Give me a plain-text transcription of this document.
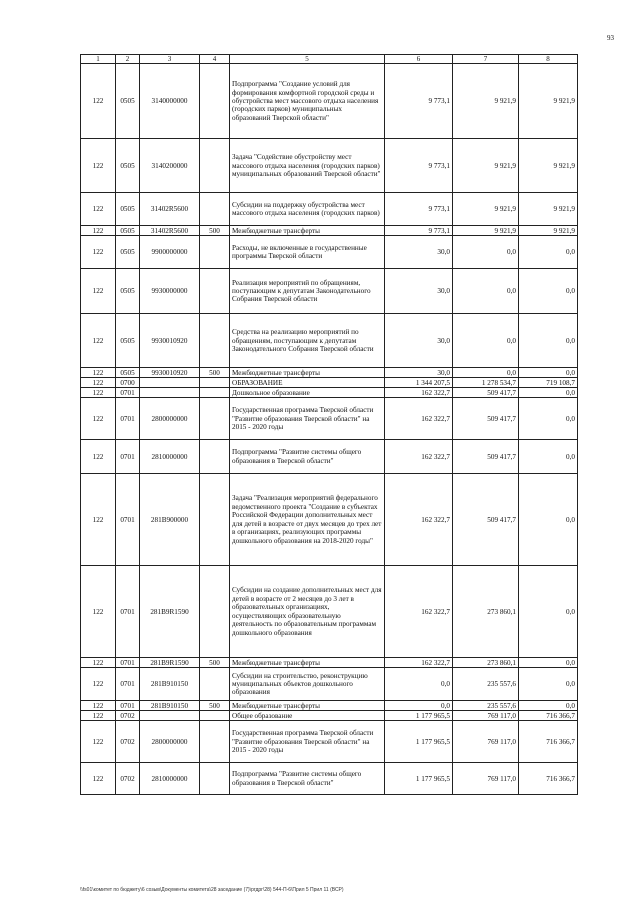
93
1	2	3	4	5	6	7	8
122	0505	3140000000		Подпрограмма "Создание условий для формирования комфортной городской среды и обустройства мест массового отдыха населения (городских парков) муниципальных образований Тверской области"	9 773,1	9 921,9	9 921,9
122	0505	3140200000		Задача "Содействие обустройству мест массового отдыха населения (городских парков) муниципальных образований Тверской области"	9 773,1	9 921,9	9 921,9
122	0505	31402R5600		Субсидии на поддержку обустройства мест массового отдыха населения (городских парков)	9 773,1	9 921,9	9 921,9
122	0505	31402R5600	500	Межбюджетные трансферты	9 773,1	9 921,9	9 921,9
122	0505	9900000000		Расходы, не включенные в государственные программы Тверской области	30,0	0,0	0,0
122	0505	9930000000		Реализация мероприятий по обращениям, поступающим к депутатам Законодательного Собрания Тверской области	30,0	0,0	0,0
122	0505	9930010920		Средства на реализацию мероприятий по обращениям, поступающим к депутатам Законодательного Собрания Тверской области	30,0	0,0	0,0
122	0505	9930010920	500	Межбюджетные трансферты	30,0	0,0	0,0
122	0700			ОБРАЗОВАНИЕ	1 344 207,5	1 278 534,7	719 108,7
122	0701			Дошкольное образование	162 322,7	509 417,7	0,0
122	0701	2800000000		Государственная программа Тверской области "Развитие образования Тверской области" на 2015 - 2020 годы	162 322,7	509 417,7	0,0
122	0701	2810000000		Подпрограмма "Развитие системы общего образования в Тверской области"	162 322,7	509 417,7	0,0
122	0701	281В900000		Задача "Реализация мероприятий федерального ведомственного проекта "Создание в субъектах Российской Федерации дополнительных мест для детей в возрасте от двух месяцев до трех лет в организациях, реализующих программы дошкольного образования на 2018-2020 годы"	162 322,7	509 417,7	0,0
122	0701	281В9R1590		Субсидии на создание дополнительных мест для детей в возрасте от 2 месяцев до 3 лет в образовательных организациях, осуществляющих образовательную деятельность по образовательным программам дошкольного образования	162 322,7	273 860,1	0,0
122	0701	281В9R1590	500	Межбюджетные трансферты	162 322,7	273 860,1	0,0
122	0701	281В910150		Субсидии на строительство, реконструкцию муниципальных объектов дошкольного образования	0,0	235 557,6	0,0
122	0701	281В910150	500	Межбюджетные трансферты	0,0	235 557,6	0,0
122	0702			Общее образование	1 177 965,5	769 117,0	716 366,7
122	0702	2800000000		Государственная программа Тверской области "Развитие образования Тверской области" на 2015 - 2020 годы	1 177 965,5	769 117,0	716 366,7
122	0702	2810000000		Подпрограмма "Развитие системы общего образования в Тверской области"	1 177 965,5	769 117,0	716 366,7
\\fs01\комитет по бюджету\6 созыв\Документы комитета\28 заседание (7)\ргдрг\28) 544-П-6\Прил 5 Прил 11 (ВСР)
